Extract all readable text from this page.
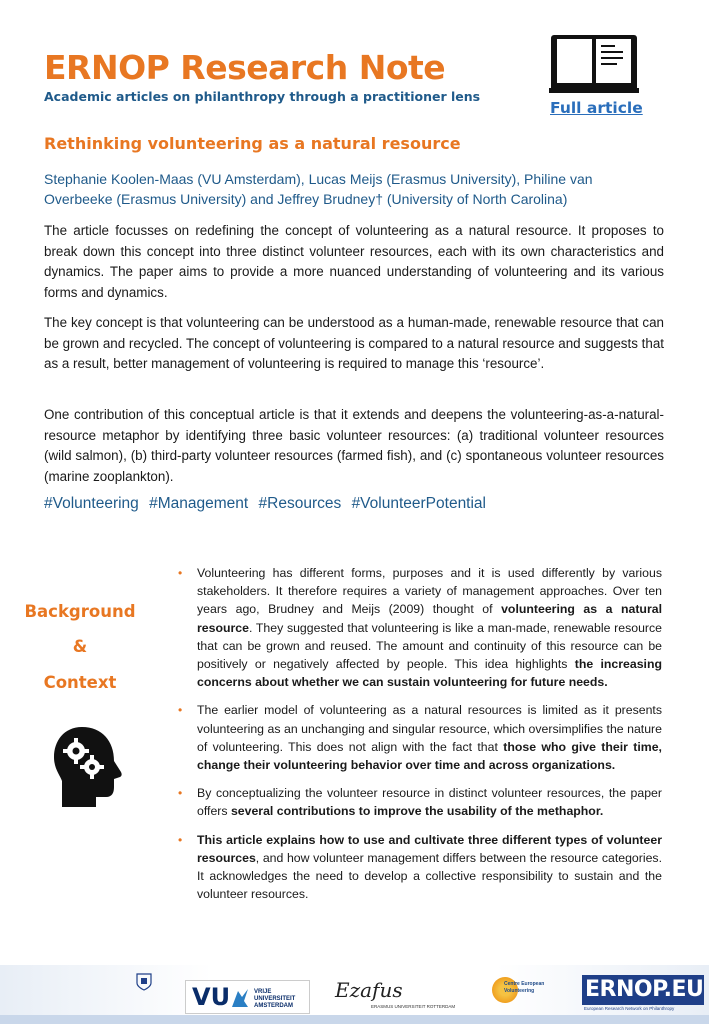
ERNOP Research Note
Academic articles on philanthropy through a practitioner lens
Full article
Rethinking volunteering as a natural resource
Stephanie Koolen-Maas (VU Amsterdam), Lucas Meijs (Erasmus University), Philine van Overbeeke (Erasmus University) and Jeffrey Brudney† (University of North Carolina)

The article focusses on redefining the concept of volunteering as a natural resource. It proposes to break down this concept into three distinct volunteer resources, each with its own characteristics and dynamics. The paper aims to provide a more nuanced understanding of volunteering and its various forms and dynamics.

The key concept is that volunteering can be understood as a human-made, renewable resource that can be grown and recycled. The concept of volunteering is compared to a natural resource and suggests that as a result, better management of volunteering is required to manage this ‘resource’.

One contribution of this conceptual article is that it extends and deepens the volunteering-as-a-natural-resource metaphor by identifying three basic volunteer resources: (a) traditional volunteer resources (wild salmon), (b) third-party volunteer resources (farmed fish), and (c) spontaneous volunteer resources (marine zooplankton).

#Volunteering #Management #Resources #VolunteerPotential
Background
&
Context
• Volunteering has different forms, purposes and it is used differently by various stakeholders. It therefore requires a variety of management approaches. Over ten years ago, Brudney and Meijs (2009) thought of volunteering as a natural resource. They suggested that volunteering is like a man-made, renewable resource that can be grown and reused. The amount and continuity of this resource can be positively or negatively affected by people. This idea highlights the increasing concerns about whether we can sustain volunteering for future needs.
• The earlier model of volunteering as a natural resources is limited as it presents volunteering as an unchanging and singular resource, which oversimplifies the nature of volunteering. This does not align with the fact that those who give their time, change their volunteering behavior over time and across organizations.
• By conceptualizing the volunteer resource in distinct volunteer resources, the paper offers several contributions to improve the usability of the methaphor.
• This article explains how to use and cultivate three different types of volunteer resources, and how volunteer management differs between the resource categories. It acknowledges the need to develop a collective responsibility to sustain and the volunteer resources.
VU	VRIJE UNIVERSITEIT AMSTERDAM
Ezafus
ERASMUS UNIVERSITEIT ROTTERDAM
Centre European Volunteering	ERNOP.EU
European Research Network on Philanthropy
